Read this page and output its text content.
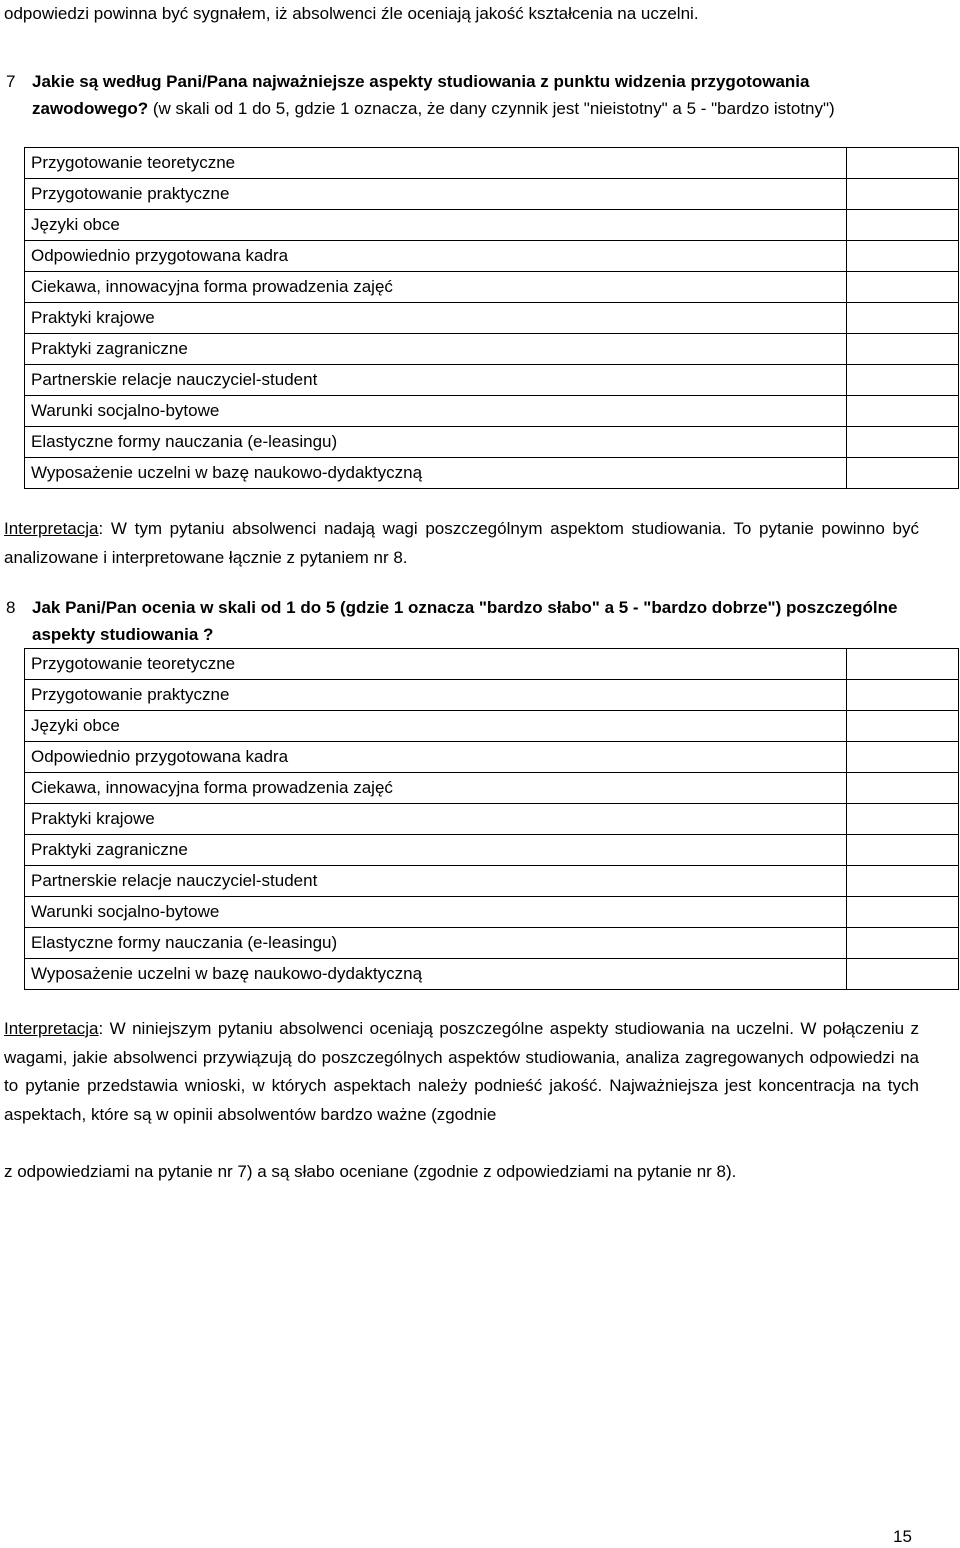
odpowiedzi powinna być sygnałem, iż absolwenci źle oceniają jakość kształcenia na uczelni.
7 Jakie są według Pani/Pana najważniejsze aspekty studiowania z punktu widzenia przygotowania zawodowego? (w skali od 1 do 5, gdzie 1 oznacza, że dany czynnik jest "nieistotny" a 5 - "bardzo istotny")
Przygotowanie teoretyczne	
Przygotowanie praktyczne	
Języki obce	
Odpowiednio przygotowana kadra	
Ciekawa, innowacyjna forma prowadzenia zajęć	
Praktyki krajowe	
Praktyki zagraniczne	
Partnerskie relacje nauczyciel-student	
Warunki socjalno-bytowe	
Elastyczne formy nauczania (e-leasingu)	
Wyposażenie uczelni w bazę naukowo-dydaktyczną	
Interpretacja: W tym pytaniu absolwenci nadają wagi poszczególnym aspektom studiowania. To pytanie powinno być analizowane i interpretowane łącznie z pytaniem nr 8.
8 Jak Pani/Pan ocenia w skali od 1 do 5 (gdzie 1 oznacza "bardzo słabo" a 5 - "bardzo dobrze") poszczególne aspekty studiowania ?
Przygotowanie teoretyczne	
Przygotowanie praktyczne	
Języki obce	
Odpowiednio przygotowana kadra	
Ciekawa, innowacyjna forma prowadzenia zajęć	
Praktyki krajowe	
Praktyki zagraniczne	
Partnerskie relacje nauczyciel-student	
Warunki socjalno-bytowe	
Elastyczne formy nauczania (e-leasingu)	
Wyposażenie uczelni w bazę naukowo-dydaktyczną	
Interpretacja: W niniejszym pytaniu absolwenci oceniają poszczególne aspekty studiowania na uczelni. W połączeniu z wagami, jakie absolwenci przywiązują do poszczególnych aspektów studiowania, analiza zagregowanych odpowiedzi na to pytanie przedstawia wnioski, w których aspektach należy podnieść jakość. Najważniejsza jest koncentracja na tych aspektach, które są w opinii absolwentów bardzo ważne (zgodnie
z odpowiedziami na pytanie nr 7) a są słabo oceniane (zgodnie z odpowiedziami na pytanie nr 8).
15
